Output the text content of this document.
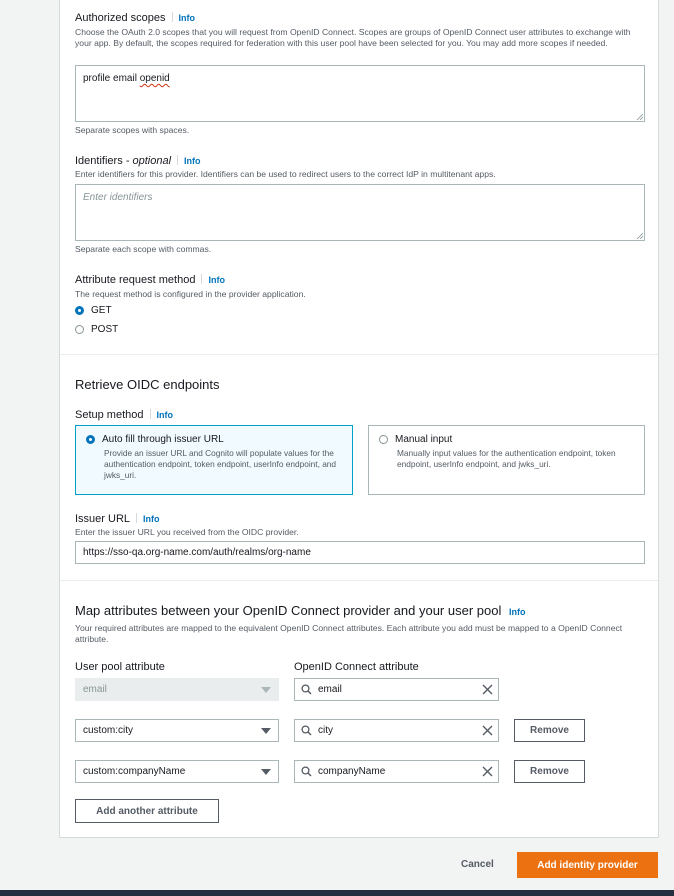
Authorized scopes Info
Choose the OAuth 2.0 scopes that you will request from OpenID Connect. Scopes are groups of OpenID Connect user attributes to exchange with your app. By default, the scopes required for federation with this user pool have been selected for you. You may add more scopes if needed.
profile email openid
Separate scopes with spaces.
Identifiers - optional Info
Enter identifiers for this provider. Identifiers can be used to redirect users to the correct IdP in multitenant apps.
Enter identifiers
Separate each scope with commas.
Attribute request method Info
The request method is configured in the provider application.
GET
POST
Retrieve OIDC endpoints
Setup method Info
Auto fill through issuer URL
Provide an issuer URL and Cognito will populate values for the authentication endpoint, token endpoint, userInfo endpoint, and jwks_uri.
Manual input
Manually input values for the authentication endpoint, token endpoint, userInfo endpoint, and jwks_uri.
Issuer URL Info
Enter the issuer URL you received from the OIDC provider.
https://sso-qa.org-name.com/auth/realms/org-name
Map attributes between your OpenID Connect provider and your user pool Info
Your required attributes are mapped to the equivalent OpenID Connect attributes. Each attribute you add must be mapped to a OpenID Connect attribute.
User pool attribute	OpenID Connect attribute
email	email
custom:city	city	Remove
custom:companyName	companyName	Remove
Add another attribute
Cancel	Add identity provider
